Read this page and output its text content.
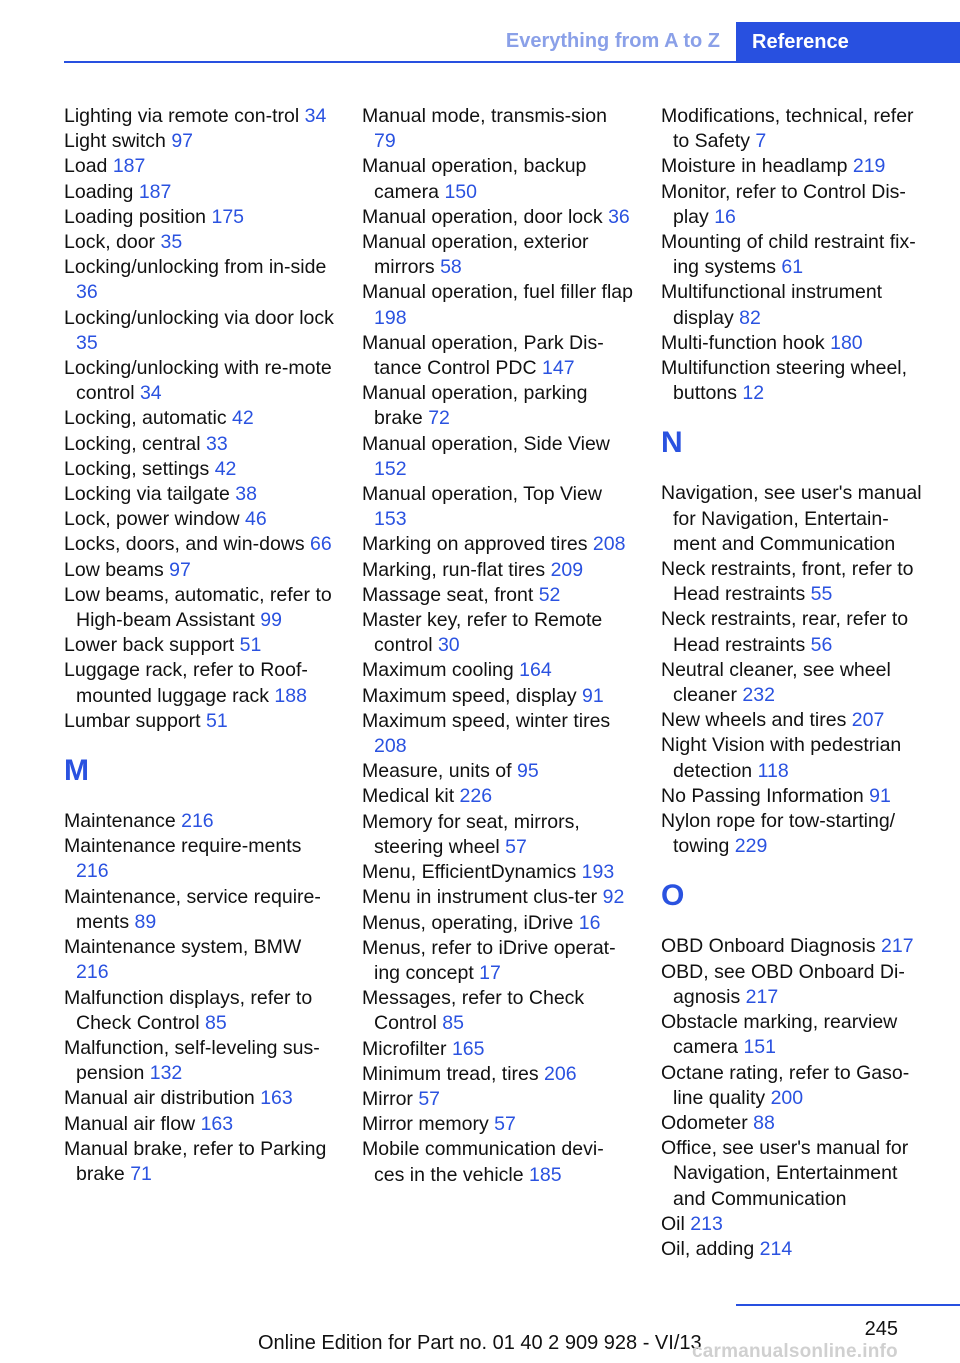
Everything from A to Z	Reference
Lighting via remote con-trol 34
Light switch 97
Load 187
Loading 187
Loading position 175
Lock, door 35
Locking/unlocking from in-side 36
Locking/unlocking via door lock 35
Locking/unlocking with re-mote control 34
Locking, automatic 42
Locking, central 33
Locking, settings 42
Locking via tailgate 38
Lock, power window 46
Locks, doors, and win-dows 66
Low beams 97
Low beams, automatic, refer to High-beam Assistant 99
Lower back support 51
Luggage rack, refer to Roof-mounted luggage rack 188
Lumbar support 51
M
Maintenance 216
Maintenance require-ments 216
Maintenance, service require-ments 89
Maintenance system, BMW 216
Malfunction displays, refer to Check Control 85
Malfunction, self-leveling sus-pension 132
Manual air distribution 163
Manual air flow 163
Manual brake, refer to Parking brake 71
Manual mode, transmis-sion 79
Manual operation, backup camera 150
Manual operation, door lock 36
Manual operation, exterior mirrors 58
Manual operation, fuel filler flap 198
Manual operation, Park Dis-tance Control PDC 147
Manual operation, parking brake 72
Manual operation, Side View 152
Manual operation, Top View 153
Marking on approved tires 208
Marking, run-flat tires 209
Massage seat, front 52
Master key, refer to Remote control 30
Maximum cooling 164
Maximum speed, display 91
Maximum speed, winter tires 208
Measure, units of 95
Medical kit 226
Memory for seat, mirrors, steering wheel 57
Menu, EfficientDynamics 193
Menu in instrument clus-ter 92
Menus, operating, iDrive 16
Menus, refer to iDrive operat-ing concept 17
Messages, refer to Check Control 85
Microfilter 165
Minimum tread, tires 206
Mirror 57
Mirror memory 57
Mobile communication devi-ces in the vehicle 185
Modifications, technical, refer to Safety 7
Moisture in headlamp 219
Monitor, refer to Control Dis-play 16
Mounting of child restraint fix-ing systems 61
Multifunctional instrument display 82
Multi-function hook 180
Multifunction steering wheel, buttons 12
N
Navigation, see user's manual for Navigation, Entertain-ment and Communication
Neck restraints, front, refer to Head restraints 55
Neck restraints, rear, refer to Head restraints 56
Neutral cleaner, see wheel cleaner 232
New wheels and tires 207
Night Vision with pedestrian detection 118
No Passing Information 91
Nylon rope for tow-starting/ towing 229
O
OBD Onboard Diagnosis 217
OBD, see OBD Onboard Di-agnosis 217
Obstacle marking, rearview camera 151
Octane rating, refer to Gaso-line quality 200
Odometer 88
Office, see user's manual for Navigation, Entertainment and Communication
Oil 213
Oil, adding 214
245
Online Edition for Part no. 01 40 2 909 928 - VI/13
carmanualsonline.info
